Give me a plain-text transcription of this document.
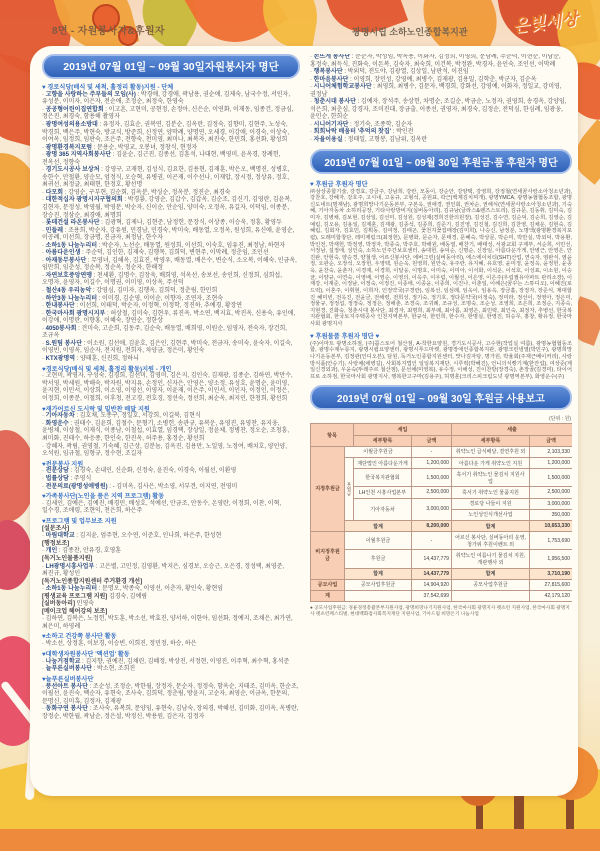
8면 - 자원봉사자&후원자	광명시립 소하노인종합복지관	은빛세상
2019년 07월 01일 ~ 09월 30일자원봉사자 명단
♥ 경로식당(배식 및 세척, 홀정리 활동)지원 - 단체
· 고향을 사랑하는 주부들의 모임(사) : 박경애, 강경애, 곽남용, 권순애, 김제숙, 남국수정, 서인자, 유성분, 이미자, 이은자, 전순애, 조정순, 최정숙, 한영숙
· 공공형어린이집연합회 : 이고흔, 고현미, 공현정, 손정아, 신은순, 이연화, 이재동, 임종건, 정금심, 정은진, 최경숙, 함용해 촬영자
· 광명여성의용소방대 : 유정자, 김효순, 권복연, 김분순, 김옥란, 김정숙, 김향미, 김현주, 노성숙, 박경희, 백은주, 박현숙, 방교식, 방준희, 신정연, 양막례, 양명연, 오세경, 이강애, 이경숙, 이상숙, 이여옥, 임정희, 임판숙, 조은주, 전향숙, 천미영, 최미나, 최복자, 최진숙, 한민희, 홍선화, 황성희
· 광명환경복지포럼 : 문용순, 박영교, 오봉녀, 정창식, 현정자
· 광명 365 지역사회봉사단 : 김윤순, 김근진, 김종선, 김훈석, 나대현, 백영미, 윤옥경, 장례헌, 전옥선, 정향숙
· 경기도시공사 보상처 : 강영구, 고재현, 김성식, 김요한, 김용현, 김재훈, 박은오, 백명진, 성병호, 송한수, 안철환, 양순모, 엄정식, 오승혁, 유병권, 이곤재, 이수선나, 이재압, 장시정, 정상유, 정호, 최귀선, 최정글, 최태현, 한정호, 황선명
· 다모회 : 강영순, 구부현, 김순회, 김옥분, 박싱순, 정옥분, 정진순, 최경숙
· 대한적십자 광명시지구협의회 : 박경룡, 강영순, 김갑수, 김갑옥, 김순조, 김신기, 김영란, 김윤복, 김현자, 문정성, 박영월, 박영문, 박순자, 신이순, 안순임, 양미숙, 오정옥, 유길자, 이덕임, 이종분, 장승진, 정삼순, 최경애, 최명희
· 롯데건설 라온봉사단 : 김광혁, 김제나, 김현준, 남정헌, 문장식, 이상종, 이승욱, 정흥, 황영두
· 민들레 : 조용희, 박순자, 강유원, 민경남, 민경숙, 박미숙, 배동열, 오정옥, 원성희, 유신애, 윤영순, 이공례, 미선희, 장금명, 진금자, 최정남, 한수자
· 소하1동 나눔누리터 : 박순자, 노선순, 배동열, 원성희, 이선희, 이숙호, 임유진, 최정남, 하현자
· 아름다운인생 : 주순덕, 김인한, 김재숙, 김행목, 김희덕, 변현주, 이막례, 정춘임, 조인선
· 아재동무봉사단 : 무영녀, 김해옥, 김효진, 박영우, 배동열, 배은수, 변순식, 소오복, 이해숙, 인금옥, 임만희, 임춘성, 정순복, 정순옥, 정순자, 한해정
· 자연보호중앙연맹 : 천세환, 김명수, 김장욱, 배희영, 석옥선, 송보선, 송인희, 신정희, 심희섭, 오명자, 윤영자, 이길수, 이명권, 이미영, 이상옥, 주선덕
· 철산4동 우리농악 : 강영심, 김미자, 김행옥, 김희덕, 정춘림, 한민희
· 하안3동 나눔누리터 : 이미경, 김순영, 이이순, 이향자, 조연자, 조현숙
· 한내봉사단 : 이선희, 이태덕, 박순자, 이정혁, 이정학, 정진하, 추예경, 황장연
· 한국마사회 광명시지부 : 허상철, 김미숙, 김현우, 류진옥, 박소연, 백지효, 박진옥, 신용숙, 유인애, 이강애, 이명란, 이향홍, 이혜숙, 장연순, 정한상
· 4050봉사회 : 견미숙, 고순희, 김동주, 김순숙, 배동열, 배희영, 이원순, 임영자, 전숙자, 장건희, 조규옥
· S.원팀 봉사단 : 이소원, 김선애, 김윤호, 김은인, 김현주, 박미숙, 전금자, 송미숙, 윤숙자, 이길숙, 이영빈, 이영옥, 임순자, 전지원, 전희자, 차양금, 정은미, 황인숙
· KTX광명역 : 양태훈, 신진희, 정하늬
♥경로식당(배식 및 세척, 홀정리 활동)지원 - 개인
· 고현미, 곽영자, 구성숙, 김경희, 김선미, 김영미, 김은지, 김인숙, 김재광, 김종순, 김하연, 박만수, 박서영, 박세원, 박해숙, 박자원, 박지유, 손정인, 신자은, 안영은, 양소정, 유성호, 윤명순, 윤미영, 윤지현, 이민서, 이상희, 이소영, 이영선, 이영자, 이윤재, 이은주, 이인서, 이인자, 이정인, 이정은, 이정희, 이종분, 이철희, 이후청, 전고경, 전호징, 정선숙, 정선희, 최순옥, 최지인, 한청희, 황선희
♥재가어르신 도시락 및 밑반찬 배달 지원
· 기아자동차 : 김호채, 도종구, 정일호, 서강희, 이길북, 김현식
· 화영운수 : 권태수, 김윤희, 김철수, 문형기, 소병헌, 송관규, 유복운, 유영진, 유영찬, 유지웅, 윤병채, 이상철, 이재식, 이종남, 이철섭, 이효열, 임경택, 장상일, 정윤체, 정병찬, 정오순, 조청흥, 최미화, 진태수, 하응종, 한인숙, 한진옥, 허주용, 홍정순, 황선희
· 강혜자, 곽림, 권영철, 기숙혜, 김근상, 김분놈, 김옥진, 김용만, 노일영, 노정여, 배치호, 양인양, 오석원, 임규철, 임형규, 정수현, 조길자
♥전문봉사 지원
· 전문상담 : 김경숙, 손내인, 신순화, 신정숙, 윤진숙, 이경숙, 이월선, 이환영
· 법률상담 : 주영식
· 전문의료(광명성애병원) : - 김미옥, 김사은, 박소영, 서부견, 이지연, 전영미
♥가족봉사단(노인을 품은 지역 프로그램) 활동
· 김세인, 김예은, 김예진, 배경민, 배성호, 석예선, 안금조, 안동수, 온영란, 이정희, 이찬, 이혁, 일수경, 조애령, 조현익, 천은희, 하은주
♥프로그램 및 업무보조 지원
[설문조사]
· 마림대학교 : 김지윤, 엄주현, 오수연, 이준호, 인나희, 하은주, 한성현
[행정보조]
· 개인 : 김종찬, 안유경, 호영훈
[독거노인물품지원]
· LH광명시흥사업부 : 고은별, 고민정, 김영환, 박지은, 심경보, 오승근, 오은경, 정성택, 최영준, 최진규, 황성인
[독거노인종합지원센터 주거환경 개선]
· 소하1동 나눔누리터 : 문명오, 박종숙, 이영선, 이춘자, 황인숙, 황현임
[평생교육 프로그램 지원] 김경숙, 김예림
[실버동아리] 민영숙
[메이크업 헤어강의 보조]
· 김하연, 김복은, 노정헌, 박도훈, 박소선, 박효진, 양서하, 이한아, 임선화, 정예지, 조채은, 최가연, 최은미, 하영례
♥소하고 건강쪽 봉사단 활동
· 박소선, 상정훈, 이보경, 이승빈, 이희진, 정민정, 하승, 하은
♥대학생자원봉사단 '액션업' 활동
· 나눔거점학교 : 김지향, 권예진, 김채린, 김혜정, 박상진, 서정현, 이영진, 이주혁, 최수혁, 홍석준
· 늘푸른실버봉사단 : 박소현, 조희진
♥늘푸른실버봉사단
· 풍선아트 봉사단 : 조순성, 조정순, 박한월, 장정자, 문순자, 정정숙, 함옥순, 지태조, 김미옥, 한순조, 이필선, 윤진숙, 백순자, 유현숙, 조사숙, 김희덕, 정춘림, 방윤지, 고순자, 최영순, 이금옥, 한문의, 문명신, 김미혹, 김정자, 김재광
· 동화구연 봉사단 : 조사숙, 유복희, 문양임, 유현숙, 김남숙, 장의경, 박혜선, 김미화, 김미옥, 옥병란, 장정순, 박한월, 곽남순, 정은설, 박정신, 박용원, 김은자, 김정자
· 손뜨게 봉사단 : 문순자, 박성임, 박옥용, 이화자, 김정희, 이영희, 문남례, 주순덕, 이현순, 이남순, 홍정숙, 최득식, 진화숙, 이돈복, 김숙자, 최숙희, 이건복, 박정완, 박경자, 윤인숙, 조인선, 이막례
· 행복봉사단 : 박외덕, 전도야, 김광열, 김상일, 남판석, 이진임
· 한마음봉사단 : 이영희, 장민성, 강영예, 최병수, 김재광, 김용밀, 김학춘, 박군자, 김순옥
· 시니어체험학교봉사단 : 최영희, 최병수, 김문자, 백경희, 강화선, 강영예, 이화자, 정일교, 강미영, 권정남
· 청춘시대 봉사단 : 김예자, 장석주, 송상헌, 차명순, 조길순, 박금순, 노정자, 권영희, 송경옥, 강양임, 석은희, 최춘심, 강경자, 조미진대, 장금출, 이종선, 권영자, 최경숙, 김정순, 전덕심, 한심례, 임광웅, 윤민순, 한희순
· 시니어기자단 : 정기숙, 조종학, 김순자
· 희희낙락 배움터 '추억의 찻집' : 박인전
· 자율이용실 : 정태일, 고형봉, 김남위, 김옥란
2019년 07월 01일 ~ 09월 30일 후원금·품 후원자 명단
♥ 후원금 후원자 명단
㈜삼상종합기술, 강경효, 강금주, 강남희, 강란, 모동이, 강순안, 강양택, 강영희, 강정철(연세꿈사랑소아청소년과), 강찬호, 강혜자, 강호주, 고시내, 고웅규, 고형석, 공원표, 곽근(백제김치찌개), 광명YMCA, 광명농협협동조합, 광명신도네트(명재남), 광명희망나기운동본부, 구본옥, 권애경, 권인회, 권차순, 권해식(연세꿈사랑소아청소년과), 기숙혜, 기아자동차 소하리공장, 기타사랑방비지(실버동아리), 김규남(글라스&렌즈스토리), 김규문, 김동휘, 김미숙, 김미자, 김병채, 김보현, 김상일, 김선미, 김성원, 김성재(경희진한의원장), 김성진, 김수연, 김순덕, 김순희, 김영순, 김예림, 김오용, 김용일, 김제훈, 김재광, 김종석, 김종희, 김준기, 김진영, 김진철, 김진희, 김찬영, 김채운, 김현숙, 김혜림, 김회자, 김효민, 김획동, 김여정, 김태곤, 꽃천지꽃집매장(김미희), 나승신, 남정분, 노명액(광명환경복지포럼), 도레미합창단, 레미제림크(최정헌), 문병화, 문순자, 문태경, 문혜숙, 박상문, 박순미, 박만실, 박외덕, 박용환, 박인전, 박재헌, 박정영, 박정자, 박종숙, 박주호, 박해원, 배동열, 배찬기, 배태성, 서광교회 구제부, 서순희, 서민선, 서정남, 설정애, 성인숙, 소하노인주간보호센터, 송대헌, 송덕순, 신명순, 신장임, 아름다운가게, 안병근, 안영은, 안진완, 안현숙, 양승경, 양철생, 어르신봉사단, 에버그린(실버동아리), 에스에이치티(SHT)산업, 연숙자, 염완식, 염윤정, 오관순, 오장석, 오장헌, 우영택, 원순옥, 원영희, 원안숙, 유주란, 유지혜, 유호영, 윤미정, 윤정옥, 윤정헌, 윤종옥, 윤찬숙, 윤춘자, 이경재, 이경희, 이달웅, 이명호, 이미숙, 이미아, 이서화, 이석운, 이석호, 이성표, 이소원, 이승균, 이양규, 이연숙, 이영배, 이영순, 이영의, 이옥주, 이우림, 이월선, 이은영, 이은주(우림필유아파트 관리소장), 이재강, 이재준, 이정남, 이정숙, 이정진, 이종애, 이종윤, 이종희, 이진나, 이춘일, 이해은(꿈꾸는 스튜디오), 이혜진(로드떡), 이혼주, 이휘현, 이희자, 인정약국(구경란), 임복선, 임심례, 임옥이, 임용옥, 장금홀, 장정자, 장준식, 제대합진 혜미빈, 전옥진, 전윤금, 전해령, 전희성, 정기숙, 정기호, 정다문약국(이정숙), 정미라, 정선이, 정영아, 정은미, 정물규, 정정섭, 정정숙, 정정은, 정해춘, 조경숙, 조귀례, 조규성, 조명숙, 조순성, 조영희, 조은희, 조정순, 지종숙, 지현경, 진화숙, 청춘시대 봉사단, 최경자, 최명희, 최부례, 최아름, 최영은, 최민락, 최인숙, 최정자, 추병선, 한국복지관협회, 한국토지주택공사 인천지역본부, 한규석, 한민희, 한수자, 한명실, 한영진, 허승무, 홍창, 황유정, 한국마사회 광명지사
♥ 후원물품 후원자 명단 ♥
(주)이마트 광명소하점, (주)콥스토어 철산점, A-착한요양원, 경기도시공사, 고수현(작업실 여름), 광명농협협동조합, 광명수제누룽지, 광명시립요양센터, 광명시푸드마켓, 광명장애인종합복지관, 광명크린냉열(박민구), 광명희망나기운동본부, 김정관(인디오븐), 담원, 독거노인종합지원센터, 맛나김자탕, 명가원, 박율회(주재근베이커리), 사랑방식품(안승기), 사랑채(채병길), 사회복지법인 일일복지재단, 시루떡(박혜진), 언니의식빵기계(한잔섭), 여상준(제일신경외과), 우윤숙(뚜레주르 철산점), 문선채(미영복), 유수정, 이해성, 진이찬방(장경숙), 촌장골(김경미), 타이어프로 소하점, 한국마사회 광명지사, 행복한고구마(김용주), 허명훈(크리스피크림도넛 광명역본부), 화영운수(주)
2019년 07월 01일 ~ 09월 30일 후원금 사용보고
(단위 : 원)
항목		세입		세출	
		세부항목	금액	세부항목	금액
지정후원금	이월금후원금		-	취약노인 급식배달, 결연후원 외	2,103,330
	후원금	재단법인 아름다운가게	1,200,000	아름다운 가게 취약노인 지원	1,200,000
		한국복지관협회	1,500,000	혹서기 취약노인 물김치 지원사업	1,500,000
		LH인천 시흥사업본부	2,500,000	혹서기 취약노인 물품지원	2,500,000
		기아자동차	3,000,000	경로당 나들이 지원	3,000,000
				노인성인식개선사업	350,000
	합계		8,200,000	합계	10,653,330
비지정후원금	이월후원금		-	어르신 봉사단, 실버동아리 운영, 청가위 후원이벤트 외	1,753,690
	후원금		14,437,779	취약노인 여름나기 물김치 지원, 개관행사 외	1,956,500
	합계		14,437,779	합계	3,710,190
공모사업	공모사업후원금		14,904,920	공모사업후원금	27,815,600
계			37,542,699		42,179,120
● 공모사업후원금: 경륜경정총괄본부지원사업, 광명희망나기지원사업, 한국마사회 광명지사 펫츠런 지원사업, 한국마사회 광명지사 펫츠런페스티벌, 현대백화점사회복지재단 지원사업, 기아드림 희망온기 나눔사업
